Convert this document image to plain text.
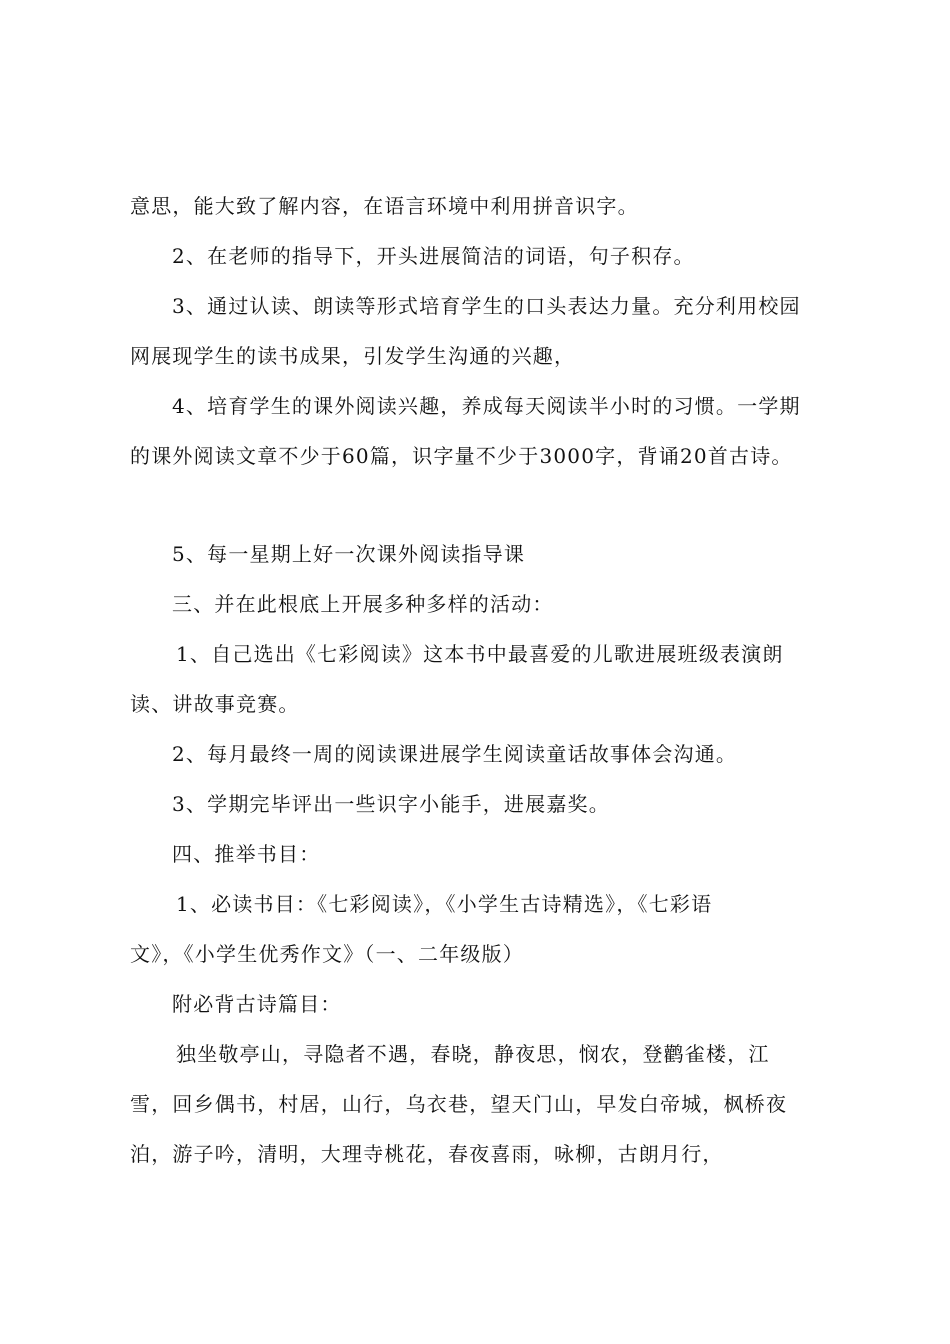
意思，能大致了解内容，在语言环境中利用拼音识字。
2、在老师的指导下，开头进展简洁的词语，句子积存。
3、通过认读、朗读等形式培育学生的口头表达力量。充分利用校园
网展现学生的读书成果，引发学生沟通的兴趣，
4、培育学生的课外阅读兴趣，养成每天阅读半小时的习惯。一学期
的课外阅读文章不少于60篇，识字量不少于3000字，背诵20首古诗。
5、每一星期上好一次课外阅读指导课
三、并在此根底上开展多种多样的活动：
1、自己选出《七彩阅读》这本书中最喜爱的儿歌进展班级表演朗
读、讲故事竞赛。
2、每月最终一周的阅读课进展学生阅读童话故事体会沟通。
3、学期完毕评出一些识字小能手，进展嘉奖。
四、推举书目：
1、必读书目：《七彩阅读》，《小学生古诗精选》，《七彩语
文》，《小学生优秀作文》（一、二年级版）
附必背古诗篇目：
独坐敬亭山，寻隐者不遇，春晓，静夜思，悯农，登鹳雀楼，江
雪，回乡偶书，村居，山行，乌衣巷，望天门山，早发白帝城，枫桥夜
泊，游子吟，清明，大理寺桃花，春夜喜雨，咏柳，古朗月行，
